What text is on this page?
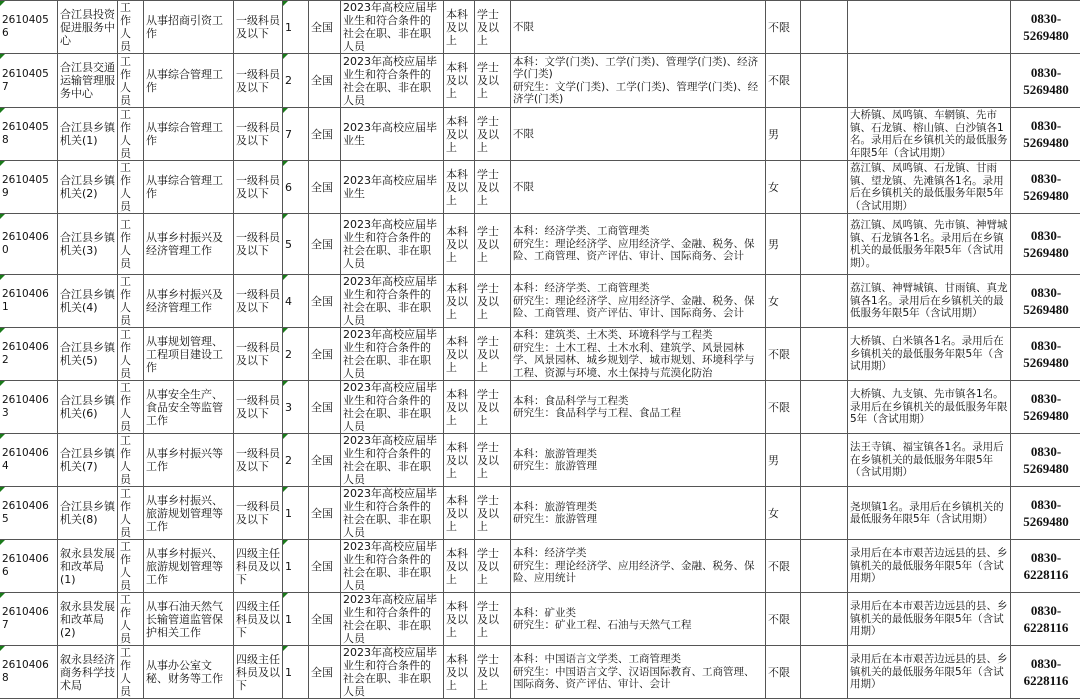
26104056	合江县投资促进服务中心	工作人员	从事招商引资工作	一级科员及以下	1	全国	2023年高校应届毕业生和符合条件的社会在职、非在职人员	本科及以上	学士及以上	不限	不限			0830-
5269480
26104057	合江县交通运输管理服务中心	工作人员	从事综合管理工作	一级科员及以下	2	全国	2023年高校应届毕业生和符合条件的社会在职、非在职人员	本科及以上	学士及以上	本科：文学(门类)、工学(门类)、管理学(门类)、经济学(门类)
研究生：文学(门类)、工学(门类)、管理学(门类)、经济学(门类)	不限			0830-
5269480
26104058	合江县乡镇机关(1)	工作人员	从事综合管理工作	一级科员及以下	7	全国	2023年高校应届毕业生	本科及以上	学士及以上	不限	男		大桥镇、凤鸣镇、车辋镇、先市镇、石龙镇、榕山镇、白沙镇各1名。录用后在乡镇机关的最低服务年限5年（含试用期）	0830-
5269480
26104059	合江县乡镇机关(2)	工作人员	从事综合管理工作	一级科员及以下	6	全国	2023年高校应届毕业生	本科及以上	学士及以上	不限	女		荔江镇、凤鸣镇、石龙镇、甘雨镇、望龙镇、先滩镇各1名。录用后在乡镇机关的最低服务年限5年（含试用期）	0830-
5269480
26104060	合江县乡镇机关(3)	工作人员	从事乡村振兴及经济管理工作	一级科员及以下	5	全国	2023年高校应届毕业生和符合条件的社会在职、非在职人员	本科及以上	学士及以上	本科：经济学类、工商管理类
研究生：理论经济学、应用经济学、金融、税务、保险、工商管理、资产评估、审计、国际商务、会计	男		荔江镇、凤鸣镇、先市镇、神臂城镇、石龙镇各1名。录用后在乡镇机关的最低服务年限5年（含试用期）。	0830-
5269480
26104061	合江县乡镇机关(4)	工作人员	从事乡村振兴及经济管理工作	一级科员及以下	4	全国	2023年高校应届毕业生和符合条件的社会在职、非在职人员	本科及以上	学士及以上	本科：经济学类、工商管理类
研究生：理论经济学、应用经济学、金融、税务、保险、工商管理、资产评估、审计、国际商务、会计	女		荔江镇、神臂城镇、甘雨镇、真龙镇各1名。录用后在乡镇机关的最低服务年限5年（含试用期）	0830-
5269480
26104062	合江县乡镇机关(5)	工作人员	从事规划管理、工程项目建设工作	一级科员及以下	2	全国	2023年高校应届毕业生和符合条件的社会在职、非在职人员	本科及以上	学士及以上	本科：建筑类、土木类、环境科学与工程类
研究生：土木工程、土木水利、建筑学、风景园林学、风景园林、城乡规划学、城市规划、环境科学与工程、资源与环境、水土保持与荒漠化防治	不限		大桥镇、白米镇各1名。录用后在乡镇机关的最低服务年限5年（含试用期）	0830-
5269480
26104063	合江县乡镇机关(6)	工作人员	从事安全生产、食品安全等监管工作	一级科员及以下	3	全国	2023年高校应届毕业生和符合条件的社会在职、非在职人员	本科及以上	学士及以上	本科：食品科学与工程类
研究生：食品科学与工程、食品工程	不限		大桥镇、九支镇、先市镇各1名。录用后在乡镇机关的最低服务年限5年（含试用期）	0830-
5269480
26104064	合江县乡镇机关(7)	工作人员	从事乡村振兴等工作	一级科员及以下	2	全国	2023年高校应届毕业生和符合条件的社会在职、非在职人员	本科及以上	学士及以上	本科：旅游管理类
研究生：旅游管理	男		法王寺镇、福宝镇各1名。录用后在乡镇机关的最低服务年限5年（含试用期）	0830-
5269480
26104065	合江县乡镇机关(8)	工作人员	从事乡村振兴、旅游规划管理等工作	一级科员及以下	1	全国	2023年高校应届毕业生和符合条件的社会在职、非在职人员	本科及以上	学士及以上	本科：旅游管理类
研究生：旅游管理	女		尧坝镇1名。录用后在乡镇机关的最低服务年限5年（含试用期）	0830-
5269480
26104066	叙永县发展和改革局(1)	工作人员	从事乡村振兴、旅游规划管理等工作	四级主任科员及以下	1	全国	2023年高校应届毕业生和符合条件的社会在职、非在职人员	本科及以上	学士及以上	本科：经济学类
研究生：理论经济学、应用经济学、金融、税务、保险、应用统计	不限		录用后在本市艰苦边远县的县、乡镇机关的最低服务年限5年（含试用期）	0830-
6228116
26104067	叙永县发展和改革局(2)	工作人员	从事石油天然气长输管道监管保护相关工作	四级主任科员及以下	1	全国	2023年高校应届毕业生和符合条件的社会在职、非在职人员	本科及以上	学士及以上	本科：矿业类
研究生：矿业工程、石油与天然气工程	不限		录用后在本市艰苦边远县的县、乡镇机关的最低服务年限5年（含试用期）	0830-
6228116
26104068	叙永县经济商务科学技术局	工作人员	从事办公室文秘、财务等工作	四级主任科员及以下	1	全国	2023年高校应届毕业生和符合条件的社会在职、非在职人员	本科及以上	学士及以上	本科：中国语言文学类、工商管理类
研究生：中国语言文学、汉语国际教育、工商管理、国际商务、资产评估、审计、会计	不限		录用后在本市艰苦边远县的县、乡镇机关的最低服务年限5年（含试用期）	0830-
6228116
